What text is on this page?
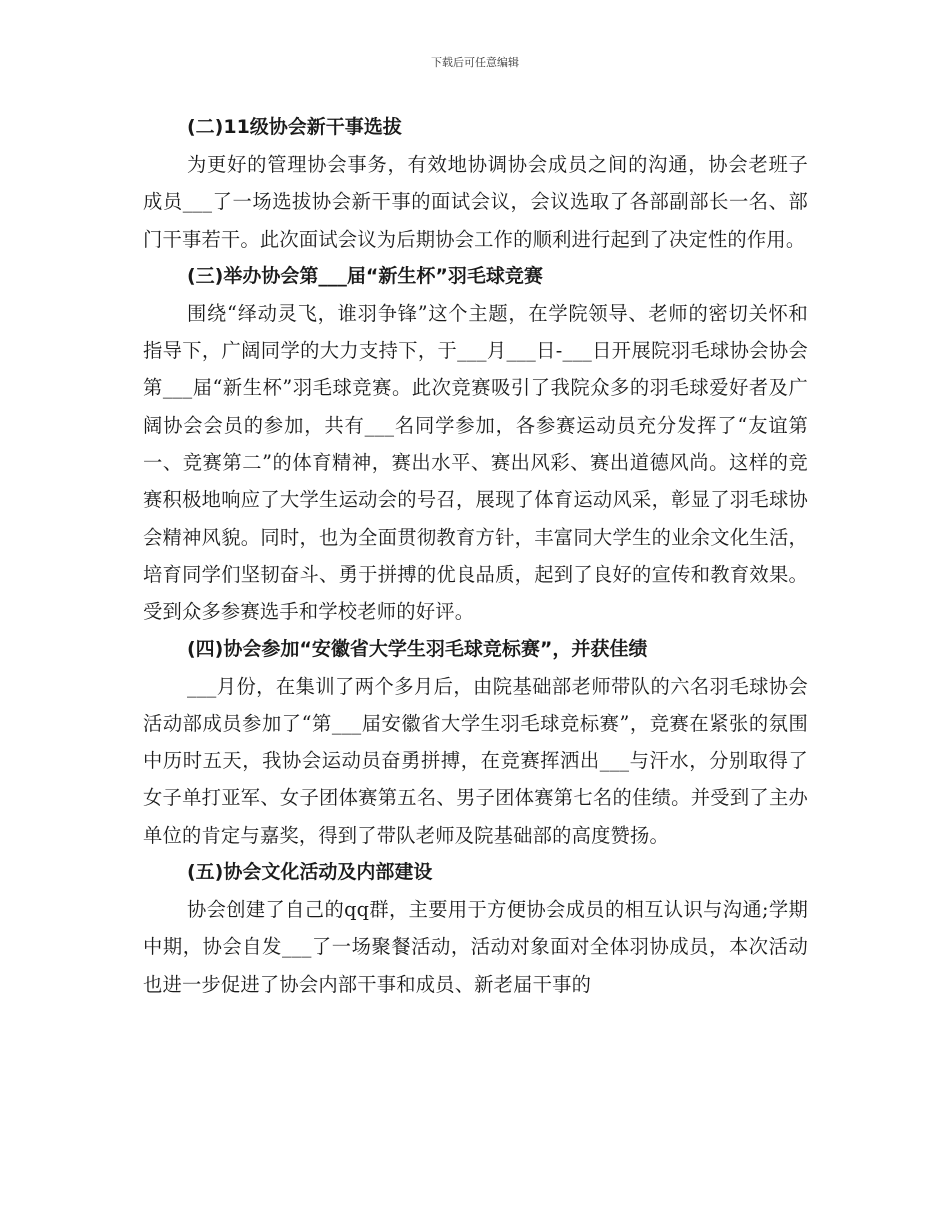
下载后可任意编辑
(二)11级协会新干事选拔

为更好的管理协会事务，有效地协调协会成员之间的沟通，协会老班子成员___了一场选拔协会新干事的面试会议，会议选取了各部副部长一名、部门干事若干。此次面试会议为后期协会工作的顺利进行起到了决定性的作用。

(三)举办协会第___届“新生杯”羽毛球竞赛

围绕“绎动灵飞，谁羽争锋”这个主题，在学院领导、老师的密切关怀和指导下，广阔同学的大力支持下，于___月___日-___日开展院羽毛球协会协会第___届“新生杯”羽毛球竞赛。此次竞赛吸引了我院众多的羽毛球爱好者及广阔协会会员的参加，共有___名同学参加，各参赛运动员充分发挥了“友谊第一、竞赛第二”的体育精神，赛出水平、赛出风彩、赛出道德风尚。这样的竞赛积极地响应了大学生运动会的号召，展现了体育运动风采，彰显了羽毛球协会精神风貌。同时，也为全面贯彻教育方针，丰富同大学生的业余文化生活，培育同学们坚韧奋斗、勇于拼搏的优良品质，起到了良好的宣传和教育效果。受到众多参赛选手和学校老师的好评。

(四)协会参加“安徽省大学生羽毛球竞标赛”，并获佳绩

___月份，在集训了两个多月后，由院基础部老师带队的六名羽毛球协会活动部成员参加了“第___届安徽省大学生羽毛球竞标赛”，竞赛在紧张的氛围中历时五天，我协会运动员奋勇拼搏，在竞赛挥洒出___与汗水，分别取得了女子单打亚军、女子团体赛第五名、男子团体赛第七名的佳绩。并受到了主办单位的肯定与嘉奖，得到了带队老师及院基础部的高度赞扬。

(五)协会文化活动及内部建设

协会创建了自己的qq群，主要用于方便协会成员的相互认识与沟通;学期中期，协会自发___了一场聚餐活动，活动对象面对全体羽协成员，本次活动也进一步促进了协会内部干事和成员、新老届干事的
